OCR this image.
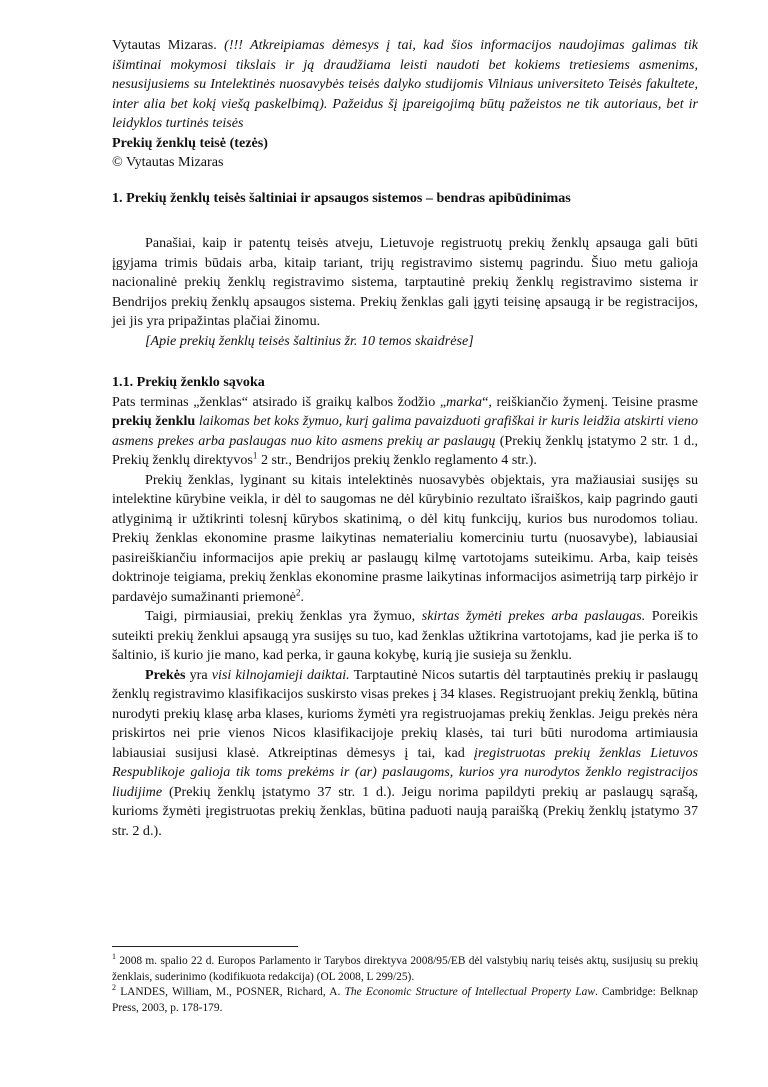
Vytautas Mizaras. (!!! Atkreipiamas dėmesys į tai, kad šios informacijos naudojimas galimas tik išimtinai mokymosi tikslais ir ją draudžiama leisti naudoti bet kokiems tretiesiems asmenims, nesusijusiems su Intelektinės nuosavybės teisės dalyko studijomis Vilniaus universiteto Teisės fakultete, inter alia bet kokį viešą paskelbimą). Pažeidus šį įpareigojimą būtų pažeistos ne tik autoriaus, bet ir leidyklos turtinės teisės

Prekių ženklų teisė (tezės)

© Vytautas Mizaras

1. Prekių ženklų teisės šaltiniai ir apsaugos sistemos – bendras apibūdinimas

Panašiai, kaip ir patentų teisės atveju, Lietuvoje registruotų prekių ženklų apsauga gali būti įgyjama trimis būdais arba, kitaip tariant, trijų registravimo sistemų pagrindu. Šiuo metu galioja nacionalinė prekių ženklų registravimo sistema, tarptautinė prekių ženklų registravimo sistema ir Bendrijos prekių ženklų apsaugos sistema. Prekių ženklas gali įgyti teisinę apsaugą ir be registracijos, jei jis yra pripažintas plačiai žinomu.

[Apie prekių ženklų teisės šaltinius žr. 10 temos skaidrėse]

1.1. Prekių ženklo sąvoka

Pats terminas „ženklas“ atsirado iš graikų kalbos žodžio „marka“, reiškiančio žymenį. Teisine prasme prekių ženklu laikomas bet koks žymuo, kurį galima pavaizduoti grafiškai ir kuris leidžia atskirti vieno asmens prekes arba paslaugas nuo kito asmens prekių ar paslaugų (Prekių ženklų įstatymo 2 str. 1 d., Prekių ženklų direktyvos$^1$ 2 str., Bendrijos prekių ženklo reglamento 4 str.).

Prekių ženklas, lyginant su kitais intelektinės nuosavybės objektais, yra mažiausiai susijęs su intelektine kūrybine veikla, ir dėl to saugomas ne dėl kūrybinio rezultato išraiškos, kaip pagrindo gauti atlyginimą ir užtikrinti tolesnį kūrybos skatinimą, o dėl kitų funkcijų, kurios bus nurodomos toliau. Prekių ženklas ekonomine prasme laikytinas nematerialiu komerciniu turtu (nuosavybe), labiausiai pasireiškiančiu informacijos apie prekių ar paslaugų kilmę vartotojams suteikimu. Arba, kaip teisės doktrinoje teigiama, prekių ženklas ekonomine prasme laikytinas informacijos asimetriją tarp pirkėjo ir pardavėjo sumažinanti priemonė$^2$.

Taigi, pirmiausiai, prekių ženklas yra žymuo, skirtas žymėti prekes arba paslaugas. Poreikis suteikti prekių ženklui apsaugą yra susijęs su tuo, kad ženklas užtikrina vartotojams, kad jie perka iš to šaltinio, iš kurio jie mano, kad perka, ir gauna kokybę, kurią jie susieja su ženklu.

Prekės yra visi kilnojamieji daiktai. Tarptautinė Nicos sutartis dėl tarptautinės prekių ir paslaugų ženklų registravimo klasifikacijos suskirsto visas prekes į 34 klases. Registruojant prekių ženklą, būtina nurodyti prekių klasę arba klases, kurioms žymėti yra registruojamas prekių ženklas. Jeigu prekės nėra priskirtos nei prie vienos Nicos klasifikacijoje prekių klasės, tai turi būti nurodoma artimiausia labiausiai susijusi klasė. Atkreiptinas dėmesys į tai, kad įregistruotas prekių ženklas Lietuvos Respublikoje galioja tik toms prekėms ir (ar) paslaugoms, kurios yra nurodytos ženklo registracijos liudijime (Prekių ženklų įstatymo 37 str. 1 d.). Jeigu norima papildyti prekių ar paslaugų sąrašą, kurioms žymėti įregistruotas prekių ženklas, būtina paduoti naują paraišką (Prekių ženklų įstatymo 37 str. 2 d.).

$^1$ 2008 m. spalio 22 d. Europos Parlamento ir Tarybos direktyva 2008/95/EB dėl valstybių narių teisės aktų, susijusių su prekių ženklais, suderinimo (kodifikuota redakcija) (OL 2008, L 299/25).

$^2$ LANDES, William, M., POSNER, Richard, A. The Economic Structure of Intellectual Property Law. Cambridge: Belknap Press, 2003, p. 178-179.
